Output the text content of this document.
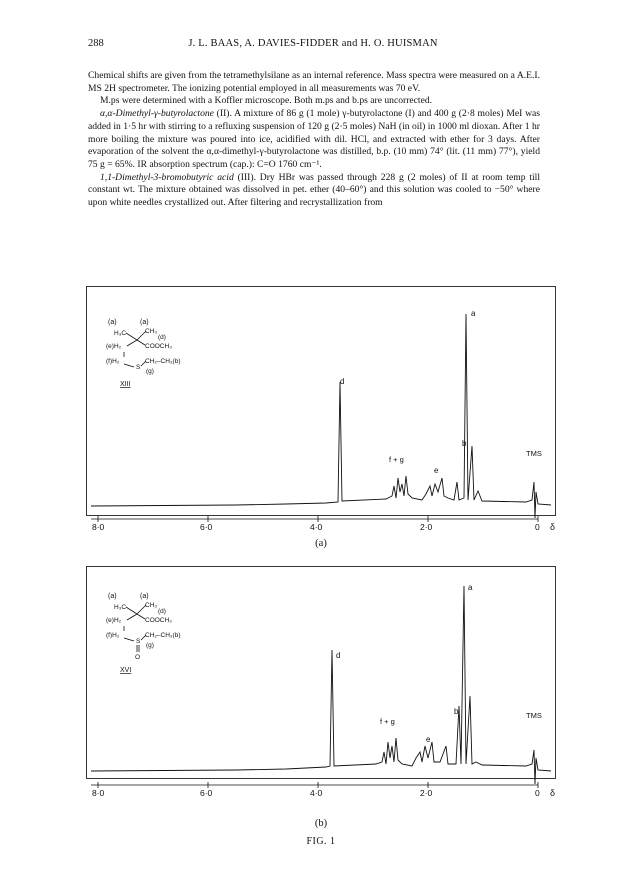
288	J. L. BAAS, A. DAVIES-FIDDER and H. O. HUISMAN

Chemical shifts are given from the tetramethylsilane as an internal reference. Mass spectra were measured on a A.E.I. MS 2H spectrometer. The ionizing potential employed in all measurements was 70 eV.

M.ps were determined with a Koffler microscope. Both m.ps and b.ps are uncorrected.

α,α-Dimethyl-γ-butyrolactone (II). A mixture of 86 g (1 mole) γ-butyrolactone (I) and 400 g (2·8 moles) MeI was added in 1·5 hr with stirring to a refluxing suspension of 120 g (2·5 moles) NaH (in oil) in 1000 ml dioxan. After 1 hr more boiling the mixture was poured into ice, acidified with dil. HCl, and extracted with ether for 3 days. After evaporation of the solvent the α,α-dimethyl-γ-butyrolactone was distilled, b.p. (10 mm) 74° (lit. (11 mm) 77°), yield 75 g = 65%. IR absorption spectrum (cap.): C=O 1760 cm⁻¹.

1,1-Dimethyl-3-bromobutyric acid (III). Dry HBr was passed through 228 g (2 moles) of II at room temp till constant wt. The mixture obtained was dissolved in pet. ether (40–60°) and this solution was cooled to −50° where upon white needles crystallized out. After filtering and recrystallization from

8·0	6·0	4·0	2·0	0 δ
a
d
b
f + g
e
TMS
(a)	(a)
H₃C	CH₃
(d)
(e)H₂	COOCH₃
(f)H₂	CH₂–CH₃(b)
S
(g)
XIII
(a)
8·0	6·0	4·0	2·0	0 δ
a
d
b
f + g
e
TMS
(a)	(a)
H₃C	CH₃
(d)
(e)H₂	COOCH₃
(f)H₂	CH₂–CH₃(b)
S
(g)
O
XVI
(b)
FIG. 1
